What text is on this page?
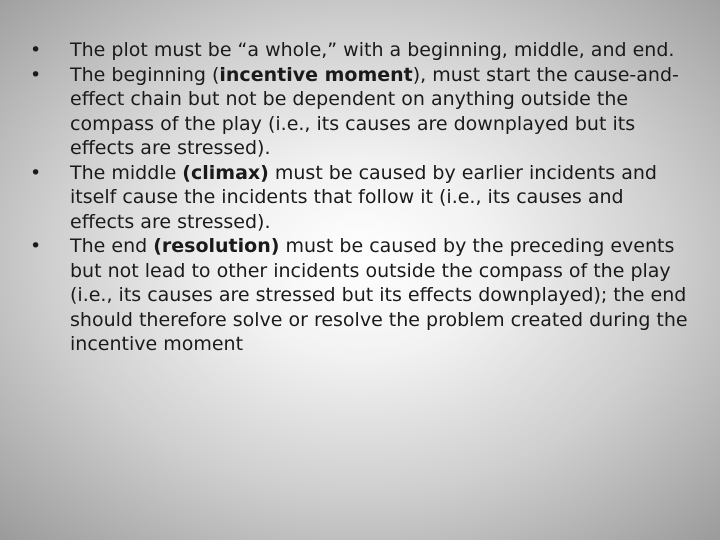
• The plot must be “a whole,” with a beginning, middle, and end.
• The beginning (incentive moment), must start the cause-and-effect chain but not be dependent on anything outside the compass of the play (i.e., its causes are downplayed but its effects are stressed).
• The middle (climax) must be caused by earlier incidents and itself cause the incidents that follow it (i.e., its causes and effects are stressed).
• The end (resolution) must be caused by the preceding events but not lead to other incidents outside the compass of the play (i.e., its causes are stressed but its effects downplayed); the end should therefore solve or resolve the problem created during the incentive moment
